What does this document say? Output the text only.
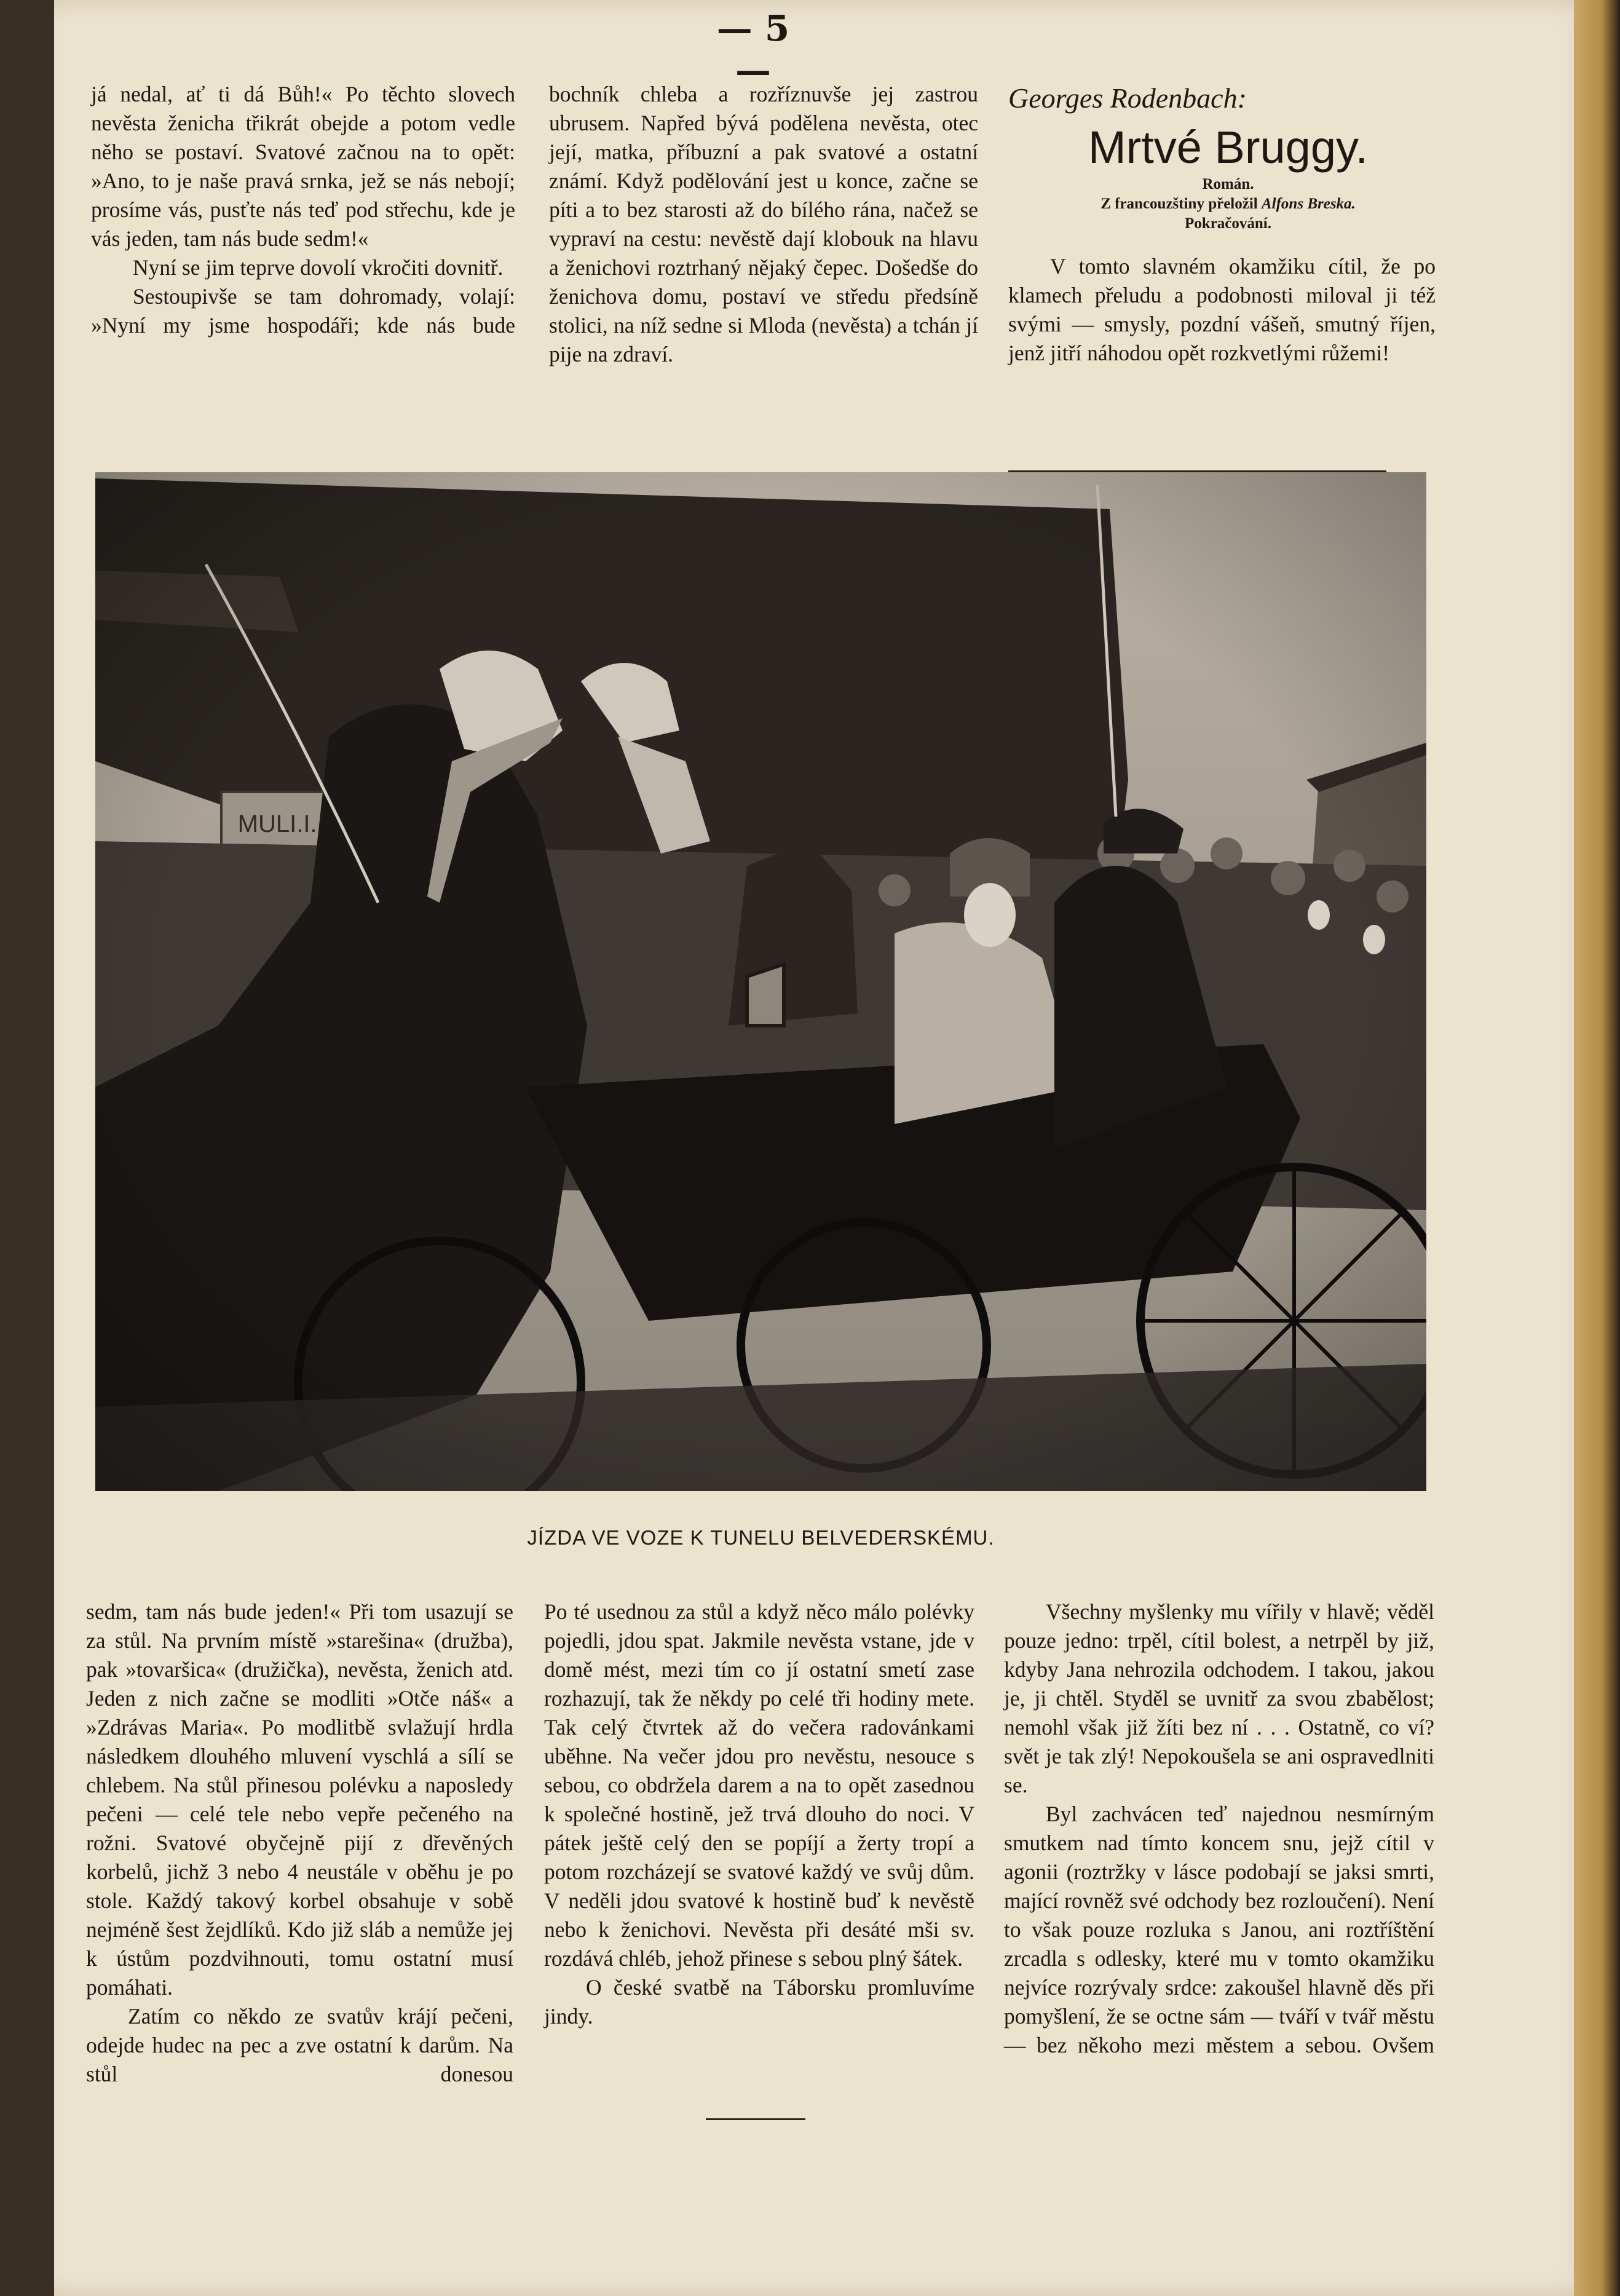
— 5 —

já nedal, ať ti dá Bůh!« Po těchto slovech nevěsta ženicha třikrát obejde a potom vedle něho se postaví. Svatové začnou na to opět: »Ano, to je naše pravá srnka, jež se nás nebojí; prosíme vás, pusťte nás teď pod střechu, kde je vás jeden, tam nás bude sedm!«

Nyní se jim teprve dovolí vkročiti dovnitř.

Sestoupivše se tam dohromady, volají: »Nyní my jsme hospodáři; kde nás bude

bochník chleba a rozříznuvše jej zastrou ubrusem. Napřed bývá podělena nevěsta, otec její, matka, příbuzní a pak svatové a ostatní známí. Když podělování jest u konce, začne se píti a to bez starosti až do bílého rána, načež se vypraví na cestu: nevěstě dají klobouk na hlavu a ženichovi roztrhaný nějaký čepec. Došedše do ženichova domu, postaví ve středu předsíně stolici, na níž sedne si Mloda (nevěsta) a tchán jí pije na zdraví.

Georges Rodenbach:
Mrtvé Bruggy.
Román.
Z francouzštiny přeložil Alfons Breska.
Pokračování.

V tomto slavném okamžiku cítil, že po klamech přeludu a podobnosti miloval ji též svými — smysly, pozdní vášeň, smutný říjen, jenž jitří náhodou opět rozkvetlými růžemi!

JÍZDA VE VOZE K TUNELU BELVEDERSKÉMU.

sedm, tam nás bude jeden!« Při tom usazují se za stůl. Na prvním místě »starešina« (družba), pak »tovaršica« (družička), nevěsta, ženich atd. Jeden z nich začne se modliti »Otče náš« a »Zdrávas Maria«. Po modlitbě svlažují hrdla následkem dlouhého mluvení vyschlá a sílí se chlebem. Na stůl přinesou polévku a naposledy pečeni — celé tele nebo vepře pečeného na rožni. Svatové obyčejně pijí z dřevěných korbelů, jichž 3 nebo 4 neustále v oběhu je po stole. Každý takový korbel obsahuje v sobě nejméně šest žejdlíků. Kdo již sláb a nemůže jej k ústům pozdvihnouti, tomu ostatní musí pomáhati.

Zatím co někdo ze svatův krájí pečeni, odejde hudec na pec a zve ostatní k darům. Na stůl donesou

Po té usednou za stůl a když něco málo polévky pojedli, jdou spat. Jakmile nevěsta vstane, jde v domě mést, mezi tím co jí ostatní smetí zase rozhazují, tak že někdy po celé tři hodiny mete. Tak celý čtvrtek až do večera radovánkami uběhne. Na večer jdou pro nevěstu, nesouce s sebou, co obdržela darem a na to opět zasednou k společné hostině, jež trvá dlouho do noci. V pátek ještě celý den se popíjí a žerty tropí a potom rozcházejí se svatové každý ve svůj dům. V neděli jdou svatové k hostině buď k nevěstě nebo k ženichovi. Nevěsta při desáté mši sv. rozdává chléb, jehož přinese s sebou plný šátek.

O české svatbě na Táborsku promluvíme jindy.

Všechny myšlenky mu vířily v hlavě; věděl pouze jedno: trpěl, cítil bolest, a netrpěl by již, kdyby Jana nehrozila odchodem. I takou, jakou je, ji chtěl. Styděl se uvnitř za svou zbabělost; nemohl však již žíti bez ní . . . Ostatně, co ví? svět je tak zlý! Nepokoušela se ani ospravedlniti se.

Byl zachvácen teď najednou nesmírným smutkem nad tímto koncem snu, jejž cítil v agonii (roztržky v lásce podobají se jaksi smrti, mající rovněž své odchody bez rozloučení). Není to však pouze rozluka s Janou, ani roztříštění zrcadla s odlesky, které mu v tomto okamžiku nejvíce rozrývaly srdce: zakoušel hlavně děs při pomyšlení, že se octne sám — tváří v tvář městu — bez někoho mezi městem a sebou. Ovšem
